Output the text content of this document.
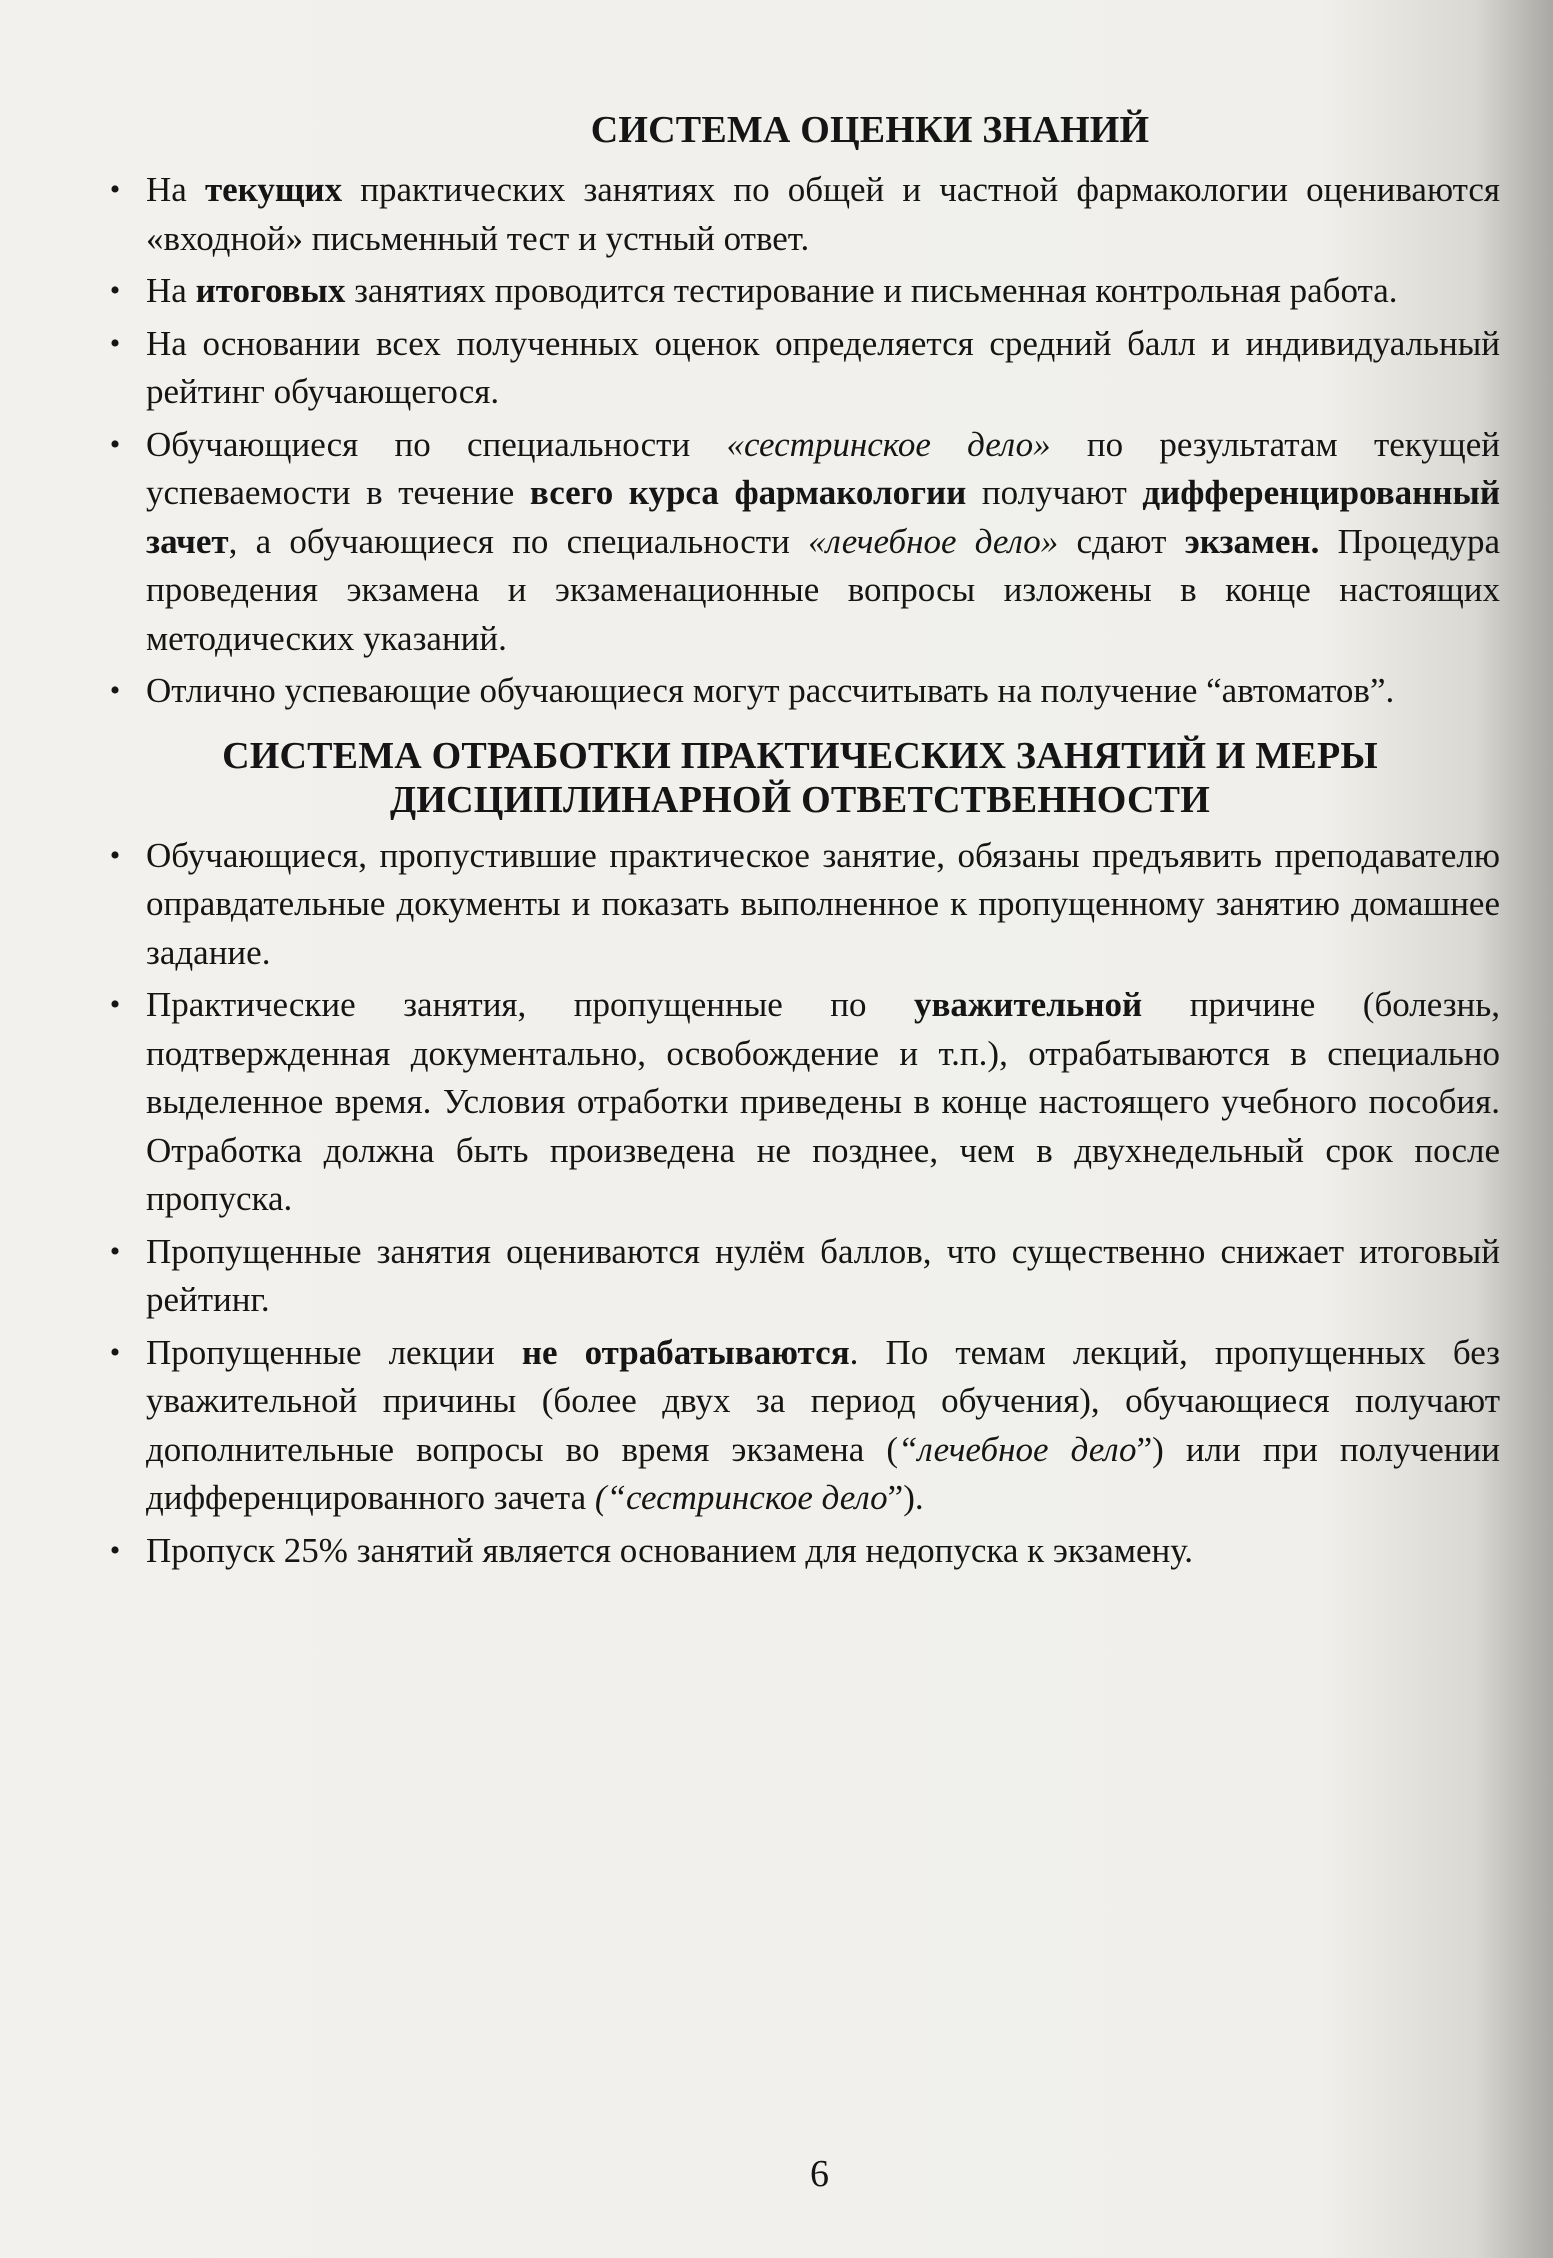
СИСТЕМА ОЦЕНКИ ЗНАНИЙ
• На текущих практических занятиях по общей и частной фармакологии оцениваются «входной» письменный тест и устный ответ.
• На итоговых занятиях проводится тестирование и письменная контрольная работа.
• На основании всех полученных оценок определяется средний балл и индивидуальный рейтинг обучающегося.
• Обучающиеся по специальности «сестринское дело» по результатам текущей успеваемости в течение всего курса фармакологии получают дифференцированный зачет, а обучающиеся по специальности «лечебное дело» сдают экзамен. Процедура проведения экзамена и экзаменационные вопросы изложены в конце настоящих методических указаний.
• Отлично успевающие обучающиеся могут рассчитывать на получение “автоматов”.
СИСТЕМА ОТРАБОТКИ ПРАКТИЧЕСКИХ ЗАНЯТИЙ И МЕРЫ
ДИСЦИПЛИНАРНОЙ ОТВЕТСТВЕННОСТИ
• Обучающиеся, пропустившие практическое занятие, обязаны предъявить преподавателю оправдательные документы и показать выполненное к пропущенному занятию домашнее задание.
• Практические занятия, пропущенные по уважительной причине (болезнь, подтвержденная документально, освобождение и т.п.), отрабатываются в специально выделенное время. Условия отработки приведены в конце настоящего учебного пособия. Отработка должна быть произведена не позднее, чем в двухнедельный срок после пропуска.
• Пропущенные занятия оцениваются нулём баллов, что существенно снижает итоговый рейтинг.
• Пропущенные лекции не отрабатываются. По темам лекций, пропущенных без уважительной причины (более двух за период обучения), обучающиеся получают дополнительные вопросы во время экзамена (“лечебное дело”) или при получении дифференцированного зачета (“сестринское дело”).
• Пропуск 25% занятий является основанием для недопуска к экзамену.
6
